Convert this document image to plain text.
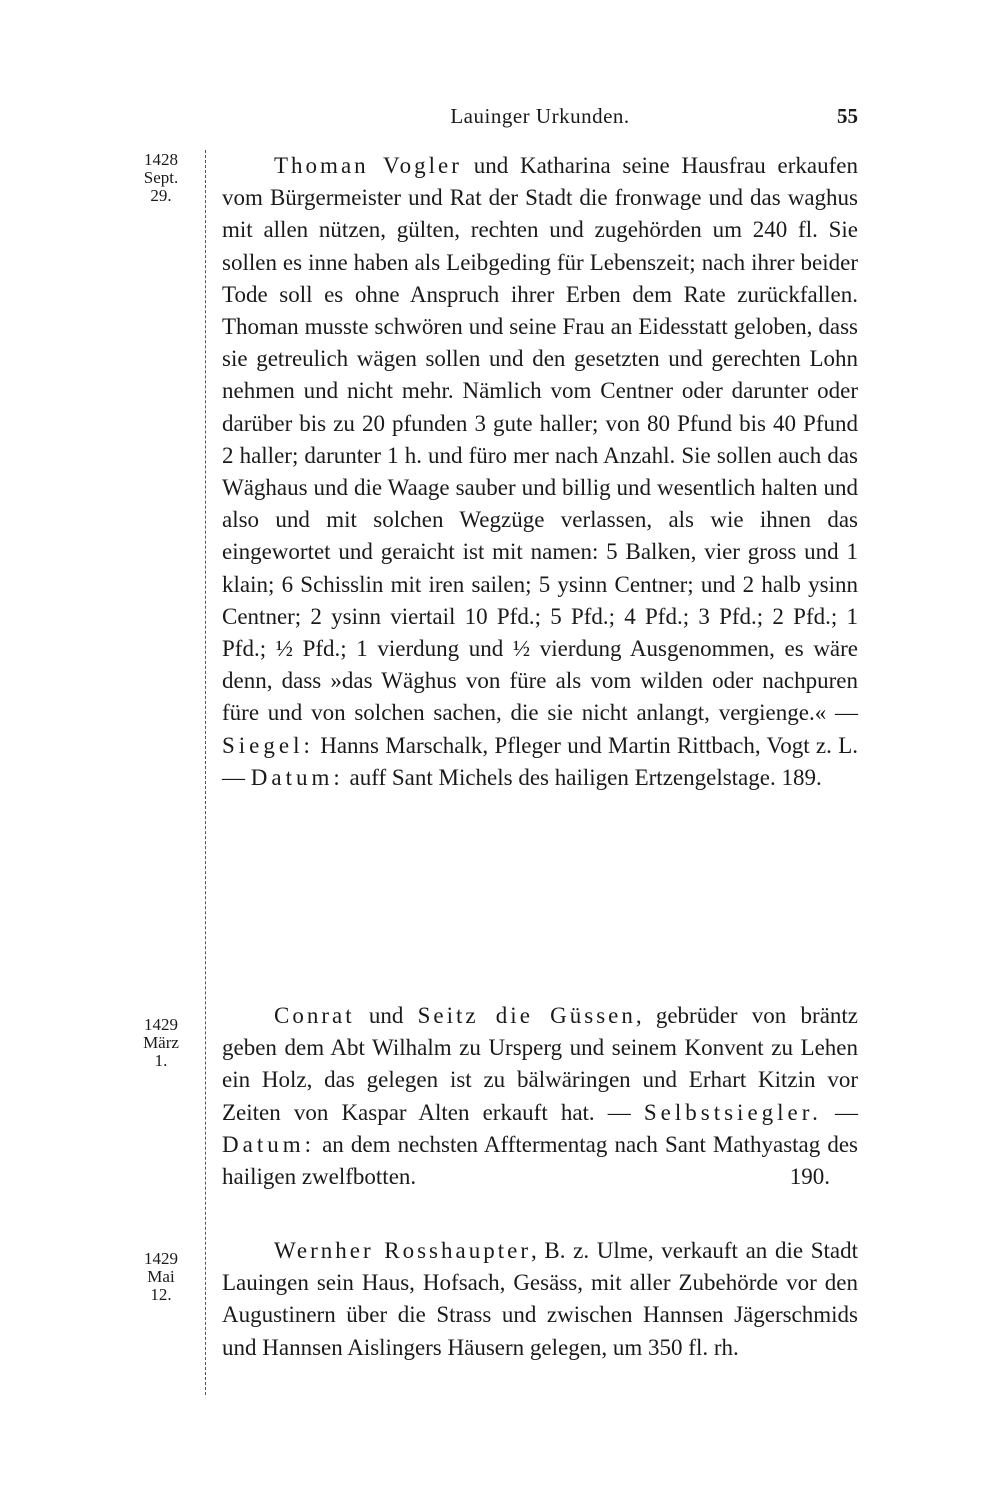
Lauinger Urkunden.	55
1428
Sept.
29.

Thoman Vogler und Katharina seine Hausfrau erkaufen vom Bürgermeister und Rat der Stadt die fronwage und das waghus mit allen nützen, gülten, rechten und zugehörden um 240 fl. Sie sollen es inne haben als Leibgeding für Lebenszeit; nach ihrer beider Tode soll es ohne Anspruch ihrer Erben dem Rate zurückfallen. Thoman musste schwören und seine Frau an Eidesstatt geloben, dass sie getreulich wägen sollen und den gesetzten und gerechten Lohn nehmen und nicht mehr. Nämlich vom Centner oder darunter oder darüber bis zu 20 pfunden 3 gute haller; von 80 Pfund bis 40 Pfund 2 haller; darunter 1 h. und füro mer nach Anzahl. Sie sollen auch das Wäghaus und die Waage sauber und billig und wesentlich halten und also und mit solchen Wegzüge verlassen, als wie ihnen das eingewortet und geraicht ist mit namen: 5 Balken, vier gross und 1 klain; 6 Schisslin mit iren sailen; 5 ysinn Centner; und 2 halb ysinn Centner; 2 ysinn viertail 10 Pfd.; 5 Pfd.; 4 Pfd.; 3 Pfd.; 2 Pfd.; 1 Pfd.; ½ Pfd.; 1 vierdung und ½ vierdung Ausgenommen, es wäre denn, dass »das Wäghus von füre als vom wilden oder nachpuren füre und von solchen sachen, die sie nicht anlangt, vergienge.« — Siegel: Hanns Marschalk, Pfleger und Martin Rittbach, Vogt z. L. — Datum: auff Sant Michels des hailigen Ertzengelstage. 189.

1429
März
1.

Conrat und Seitz die Güssen, gebrüder von bräntz geben dem Abt Wilhalm zu Ursperg und seinem Konvent zu Lehen ein Holz, das gelegen ist zu bälwäringen und Erhart Kitzin vor Zeiten von Kaspar Alten erkauft hat. — Selbstsiegler. — Datum: an dem nechsten Afftermentag nach Sant Mathyastag des hailigen zwelfbotten.	190.

1429
Mai
12.

Wernher Rosshaupter, B. z. Ulme, verkauft an die Stadt Lauingen sein Haus, Hofsach, Gesäss, mit aller Zubehörde vor den Augustinern über die Strass und zwischen Hannsen Jägerschmids und Hannsen Aislingers Häusern gelegen, um 350 fl. rh.
